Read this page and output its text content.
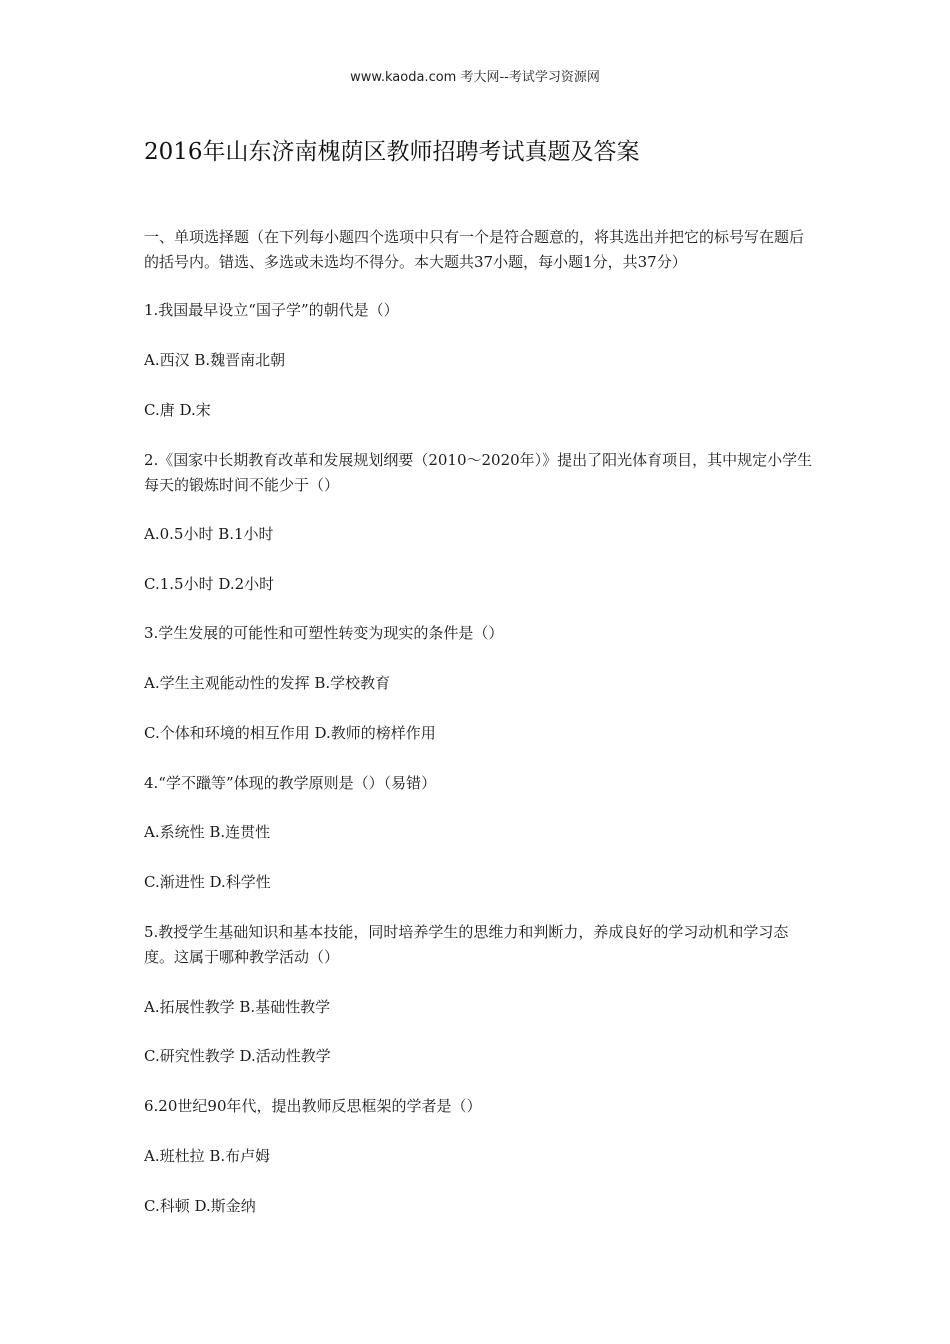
www.kaoda.com 考大网--考试学习资源网
2016年山东济南槐荫区教师招聘考试真题及答案
一、单项选择题（在下列每小题四个选项中只有一个是符合题意的，将其选出并把它的标号写在题后的括号内。错选、多选或未选均不得分。本大题共37小题，每小题1分，共37分）
1.我国最早设立“国子学”的朝代是（）
A.西汉 B.魏晋南北朝
C.唐 D.宋
2.《国家中长期教育改革和发展规划纲要（2010～2020年）》提出了阳光体育项目，其中规定小学生每天的锻炼时间不能少于（）
A.0.5小时 B.1小时
C.1.5小时 D.2小时
3.学生发展的可能性和可塑性转变为现实的条件是（）
A.学生主观能动性的发挥 B.学校教育
C.个体和环境的相互作用 D.教师的榜样作用
4.“学不躐等”体现的教学原则是（）（易错）
A.系统性 B.连贯性
C.渐进性 D.科学性
5.教授学生基础知识和基本技能，同时培养学生的思维力和判断力，养成良好的学习动机和学习态度。这属于哪种教学活动（）
A.拓展性教学 B.基础性教学
C.研究性教学 D.活动性教学
6.20世纪90年代，提出教师反思框架的学者是（）
A.班杜拉 B.布卢姆
C.科顿 D.斯金纳
